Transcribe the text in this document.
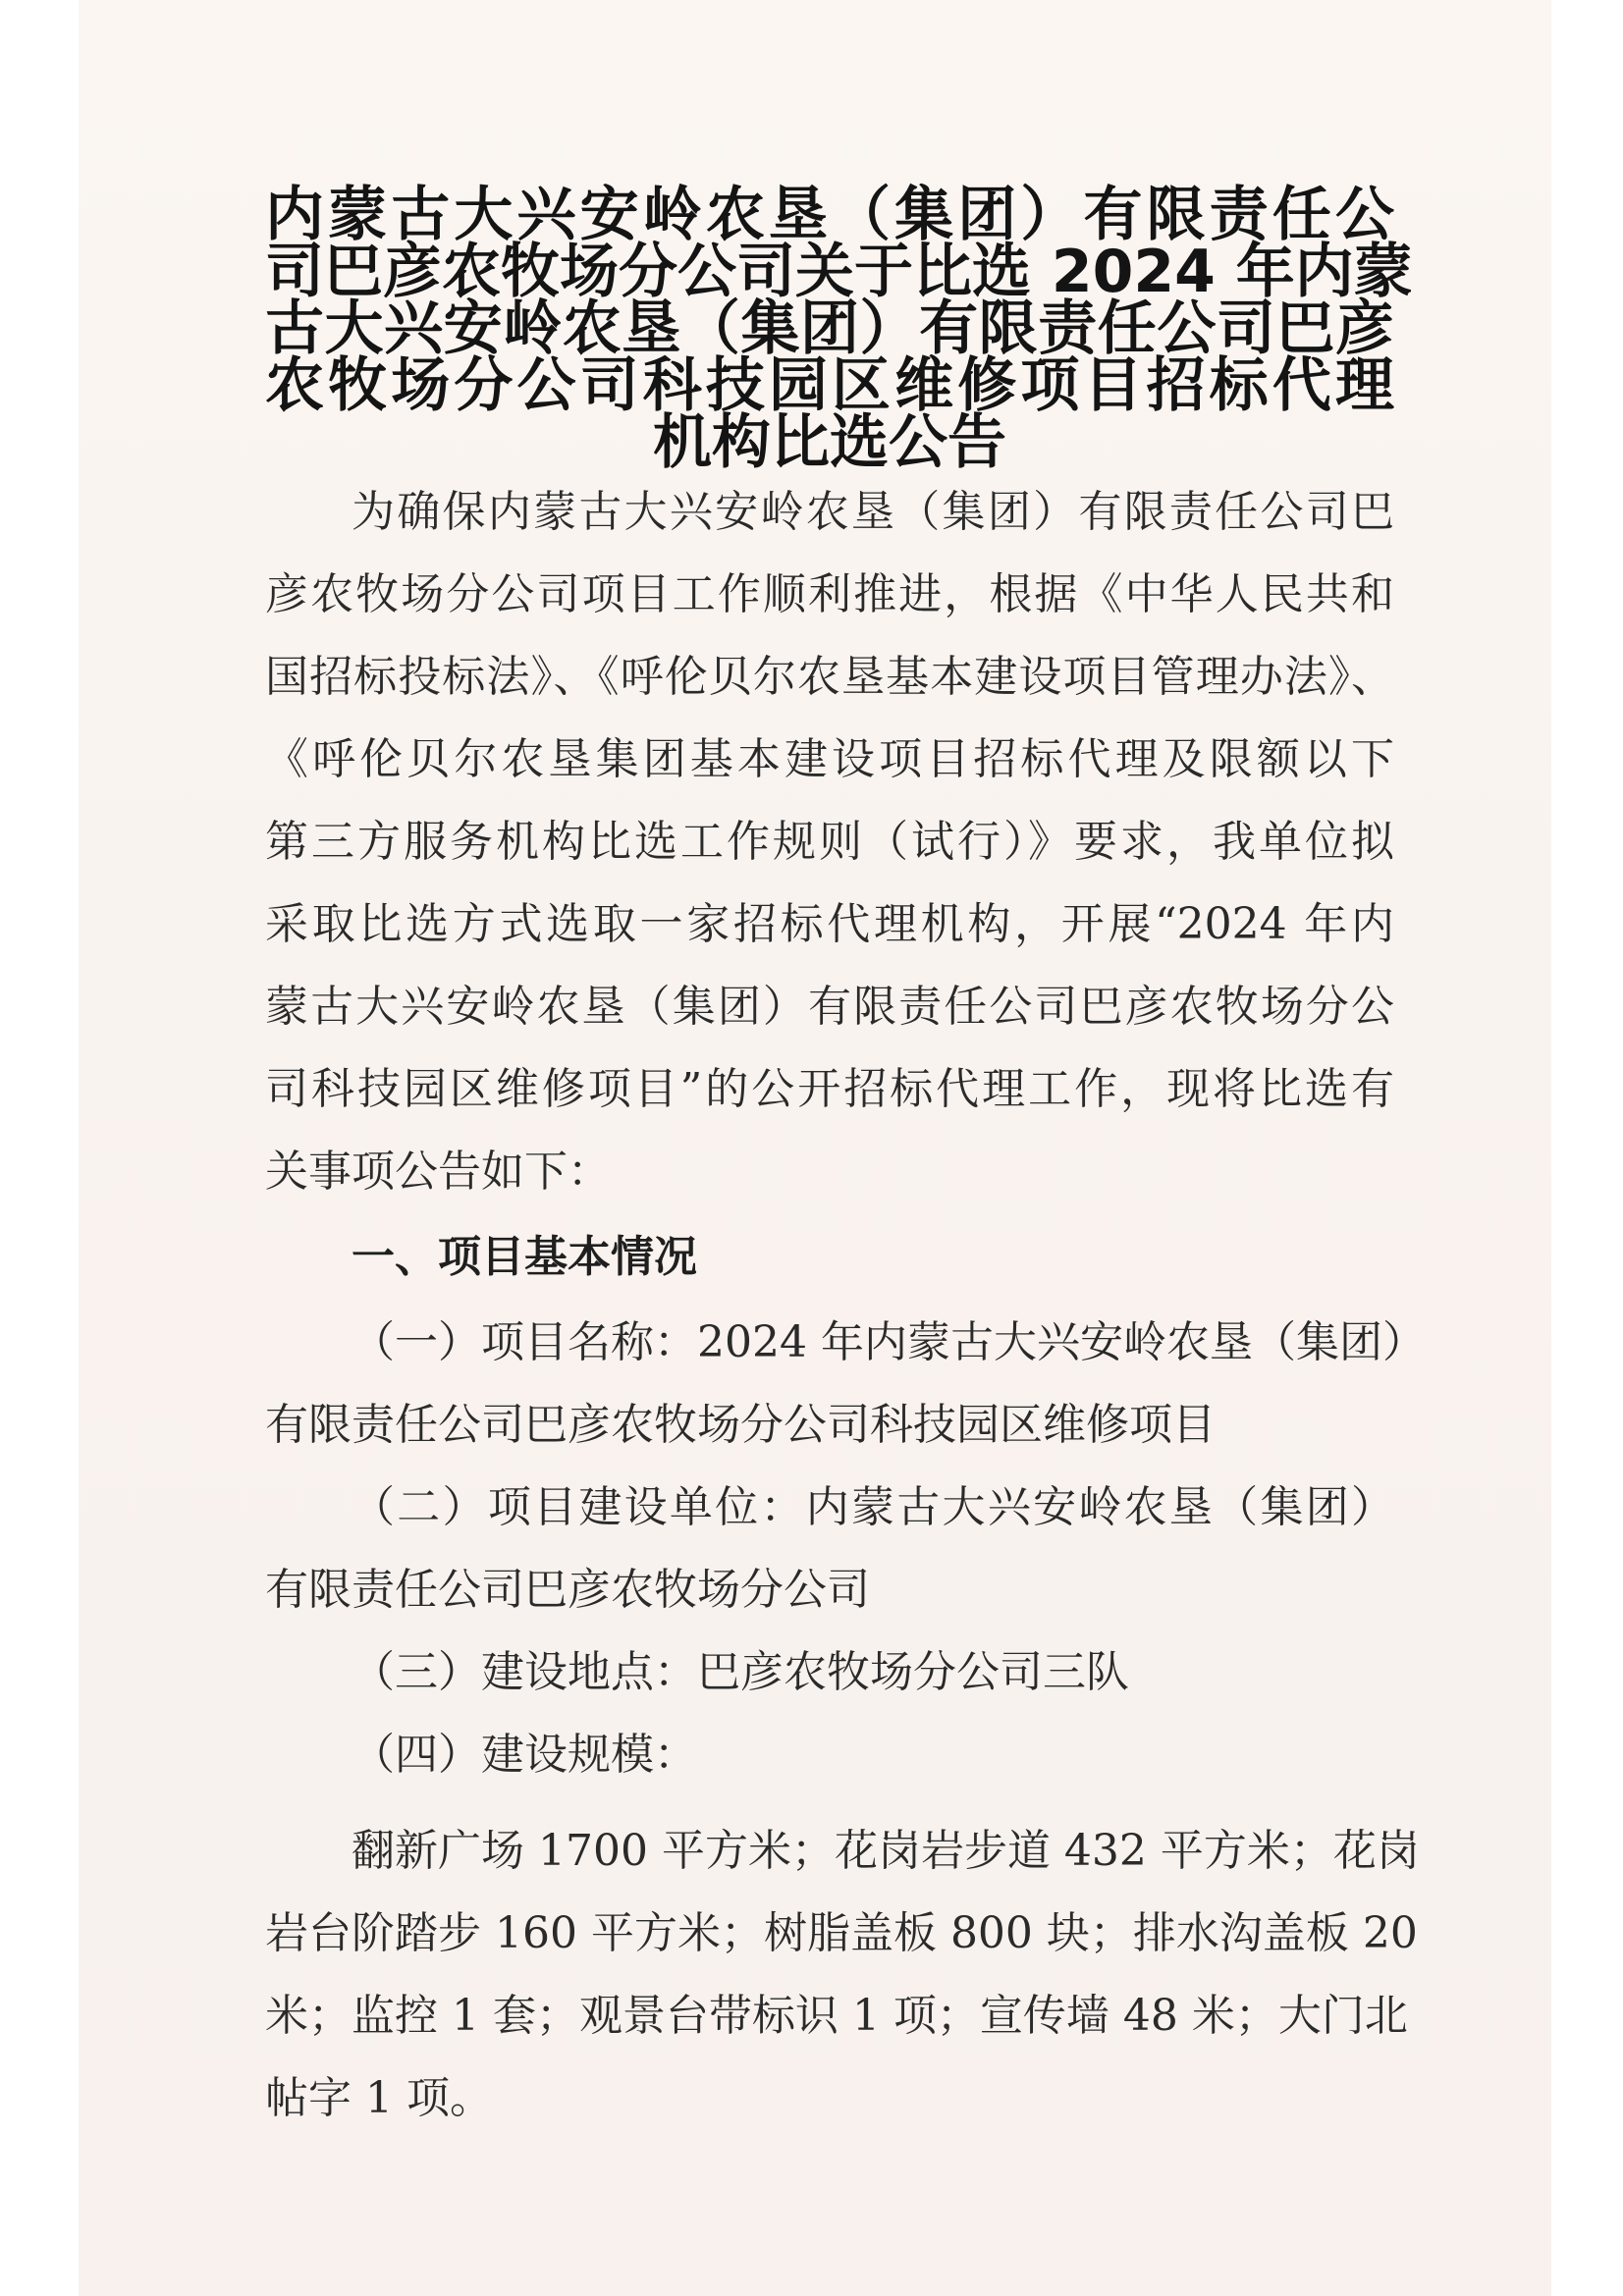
内蒙古大兴安岭农垦（集团）有限责任公
司巴彦农牧场分公司关于比选 2024 年内蒙
古大兴安岭农垦（集团）有限责任公司巴彦
农牧场分公司科技园区维修项目招标代理
机构比选公告
为确保内蒙古大兴安岭农垦（集团）有限责任公司巴
彦农牧场分公司项目工作顺利推进，根据《中华人民共和
国招标投标法》、《呼伦贝尔农垦基本建设项目管理办法》、
《呼伦贝尔农垦集团基本建设项目招标代理及限额以下
第三方服务机构比选工作规则（试行）》要求，我单位拟
采取比选方式选取一家招标代理机构，开展“2024 年内
蒙古大兴安岭农垦（集团）有限责任公司巴彦农牧场分公
司科技园区维修项目”的公开招标代理工作，现将比选有
关事项公告如下：
一、项目基本情况
（一）项目名称：2024 年内蒙古大兴安岭农垦（集团）
有限责任公司巴彦农牧场分公司科技园区维修项目
（二）项目建设单位：内蒙古大兴安岭农垦（集团）
有限责任公司巴彦农牧场分公司
（三）建设地点：巴彦农牧场分公司三队
（四）建设规模：
翻新广场 1700 平方米；花岗岩步道 432 平方米；花岗
岩台阶踏步 160 平方米；树脂盖板 800 块；排水沟盖板 20
米；监控 1 套；观景台带标识 1 项；宣传墙 48 米；大门北
帖字 1 项。
